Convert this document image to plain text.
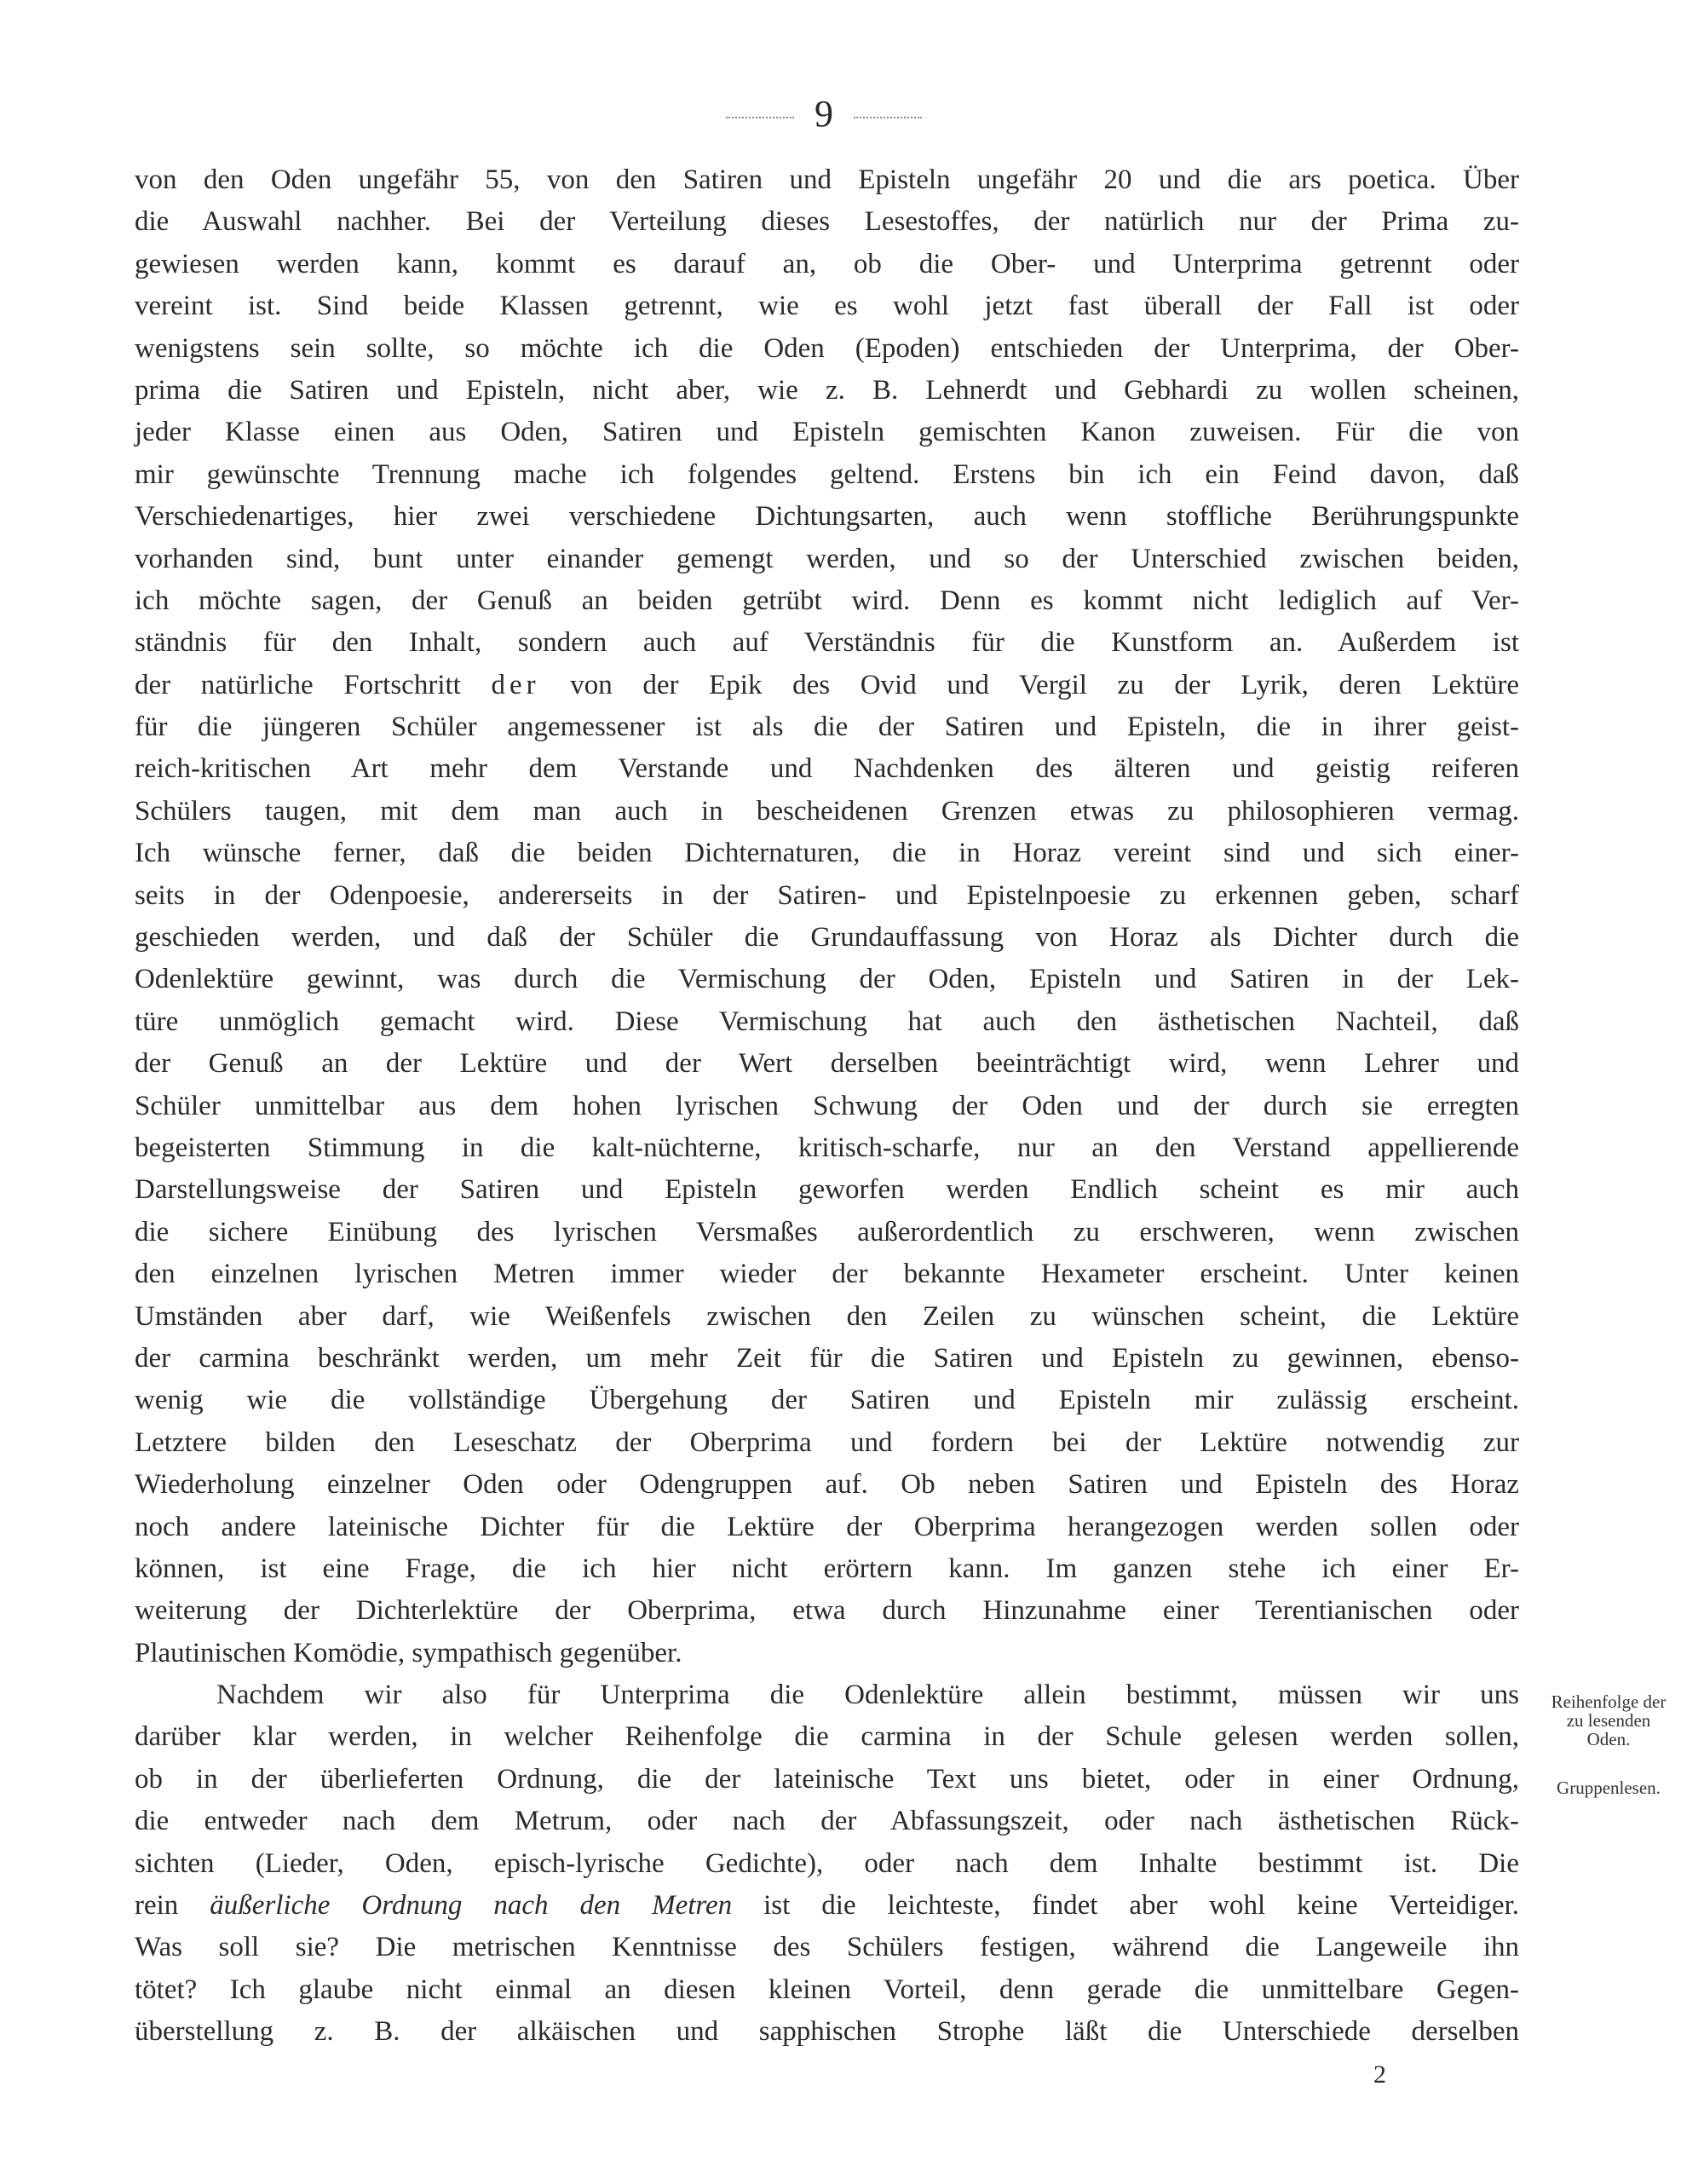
9
von den Oden ungefähr 55, von den Satiren und Episteln ungefähr 20 und die ars poetica. Über
die Auswahl nachher. Bei der Verteilung dieses Lesestoffes, der natürlich nur der Prima zu-
gewiesen werden kann, kommt es darauf an, ob die Ober- und Unterprima getrennt oder
vereint ist. Sind beide Klassen getrennt, wie es wohl jetzt fast überall der Fall ist oder
wenigstens sein sollte, so möchte ich die Oden (Epoden) entschieden der Unterprima, der Ober-
prima die Satiren und Episteln, nicht aber, wie z. B. Lehnerdt und Gebhardi zu wollen scheinen,
jeder Klasse einen aus Oden, Satiren und Episteln gemischten Kanon zuweisen. Für die von
mir gewünschte Trennung mache ich folgendes geltend. Erstens bin ich ein Feind davon, daß
Verschiedenartiges, hier zwei verschiedene Dichtungsarten, auch wenn stoffliche Berührungspunkte
vorhanden sind, bunt unter einander gemengt werden, und so der Unterschied zwischen beiden,
ich möchte sagen, der Genuß an beiden getrübt wird. Denn es kommt nicht lediglich auf Ver-
ständnis für den Inhalt, sondern auch auf Verständnis für die Kunstform an. Außerdem ist
der natürliche Fortschritt der von der Epik des Ovid und Vergil zu der Lyrik, deren Lektüre
für die jüngeren Schüler angemessener ist als die der Satiren und Episteln, die in ihrer geist-
reich-kritischen Art mehr dem Verstande und Nachdenken des älteren und geistig reiferen
Schülers taugen, mit dem man auch in bescheidenen Grenzen etwas zu philosophieren vermag.
Ich wünsche ferner, daß die beiden Dichternaturen, die in Horaz vereint sind und sich einer-
seits in der Odenpoesie, andererseits in der Satiren- und Epistelnpoesie zu erkennen geben, scharf
geschieden werden, und daß der Schüler die Grundauffassung von Horaz als Dichter durch die
Odenlektüre gewinnt, was durch die Vermischung der Oden, Episteln und Satiren in der Lek-
türe unmöglich gemacht wird. Diese Vermischung hat auch den ästhetischen Nachteil, daß
der Genuß an der Lektüre und der Wert derselben beeinträchtigt wird, wenn Lehrer und
Schüler unmittelbar aus dem hohen lyrischen Schwung der Oden und der durch sie erregten
begeisterten Stimmung in die kalt-nüchterne, kritisch-scharfe, nur an den Verstand appellierende
Darstellungsweise der Satiren und Episteln geworfen werden Endlich scheint es mir auch
die sichere Einübung des lyrischen Versmaßes außerordentlich zu erschweren, wenn zwischen
den einzelnen lyrischen Metren immer wieder der bekannte Hexameter erscheint. Unter keinen
Umständen aber darf, wie Weißenfels zwischen den Zeilen zu wünschen scheint, die Lektüre
der carmina beschränkt werden, um mehr Zeit für die Satiren und Episteln zu gewinnen, ebenso-
wenig wie die vollständige Übergehung der Satiren und Episteln mir zulässig erscheint.
Letztere bilden den Leseschatz der Oberprima und fordern bei der Lektüre notwendig zur
Wiederholung einzelner Oden oder Odengruppen auf. Ob neben Satiren und Episteln des Horaz
noch andere lateinische Dichter für die Lektüre der Oberprima herangezogen werden sollen oder
können, ist eine Frage, die ich hier nicht erörtern kann. Im ganzen stehe ich einer Er-
weiterung der Dichterlektüre der Oberprima, etwa durch Hinzunahme einer Terentianischen oder
Plautinischen Komödie, sympathisch gegenüber.
Nachdem wir also für Unterprima die Odenlektüre allein bestimmt, müssen wir uns
darüber klar werden, in welcher Reihenfolge die carmina in der Schule gelesen werden sollen,
ob in der überlieferten Ordnung, die der lateinische Text uns bietet, oder in einer Ordnung,
die entweder nach dem Metrum, oder nach der Abfassungszeit, oder nach ästhetischen Rück-
sichten (Lieder, Oden, episch-lyrische Gedichte), oder nach dem Inhalte bestimmt ist. Die
rein äußerliche Ordnung nach den Metren ist die leichteste, findet aber wohl keine Verteidiger.
Was soll sie? Die metrischen Kenntnisse des Schülers festigen, während die Langeweile ihn
tötet? Ich glaube nicht einmal an diesen kleinen Vorteil, denn gerade die unmittelbare Gegen-
überstellung z. B. der alkäischen und sapphischen Strophe läßt die Unterschiede derselben
Reihenfolge der
zu lesenden
Oden.
Gruppenlesen.
2
